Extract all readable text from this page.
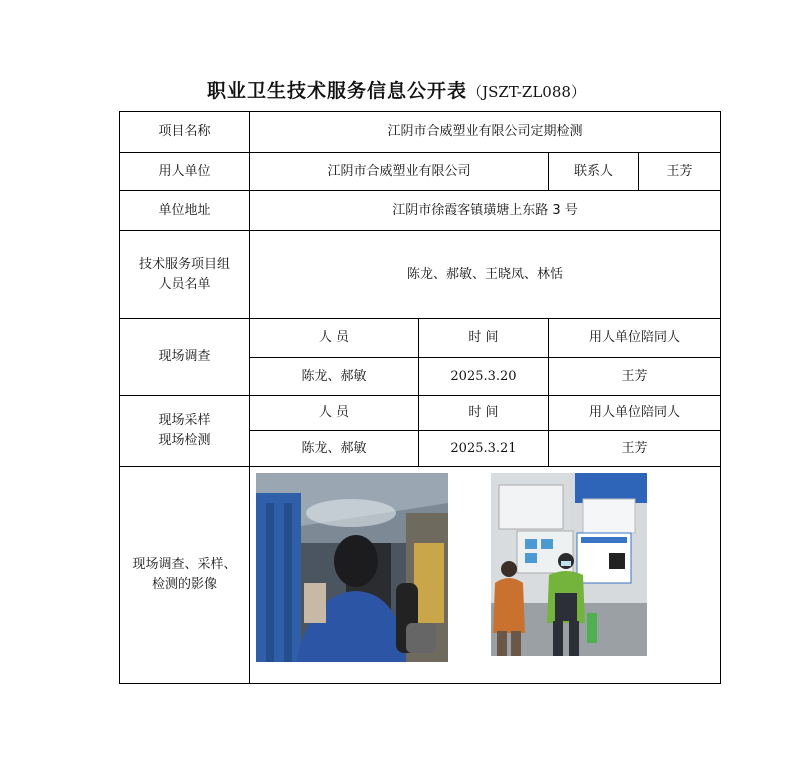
职业卫生技术服务信息公开表（JSZT-ZL088）
项目名称	江阴市合威塑业有限公司定期检测			
用人单位	江阴市合威塑业有限公司		联系人	王芳
单位地址	江阴市徐霞客镇璜塘上东路 3 号			

技术服务项目组
人员名单	陈龙、郝敏、王晓凤、林恬			
现场调查	人 员	时 间	用人单位陪同人	
	陈龙、郝敏	2025.3.20	王芳	

现场采样
现场检测	人 员	时 间	用人单位陪同人	
	陈龙、郝敏	2025.3.21	王芳	

现场调查、采样、
检测的影像
